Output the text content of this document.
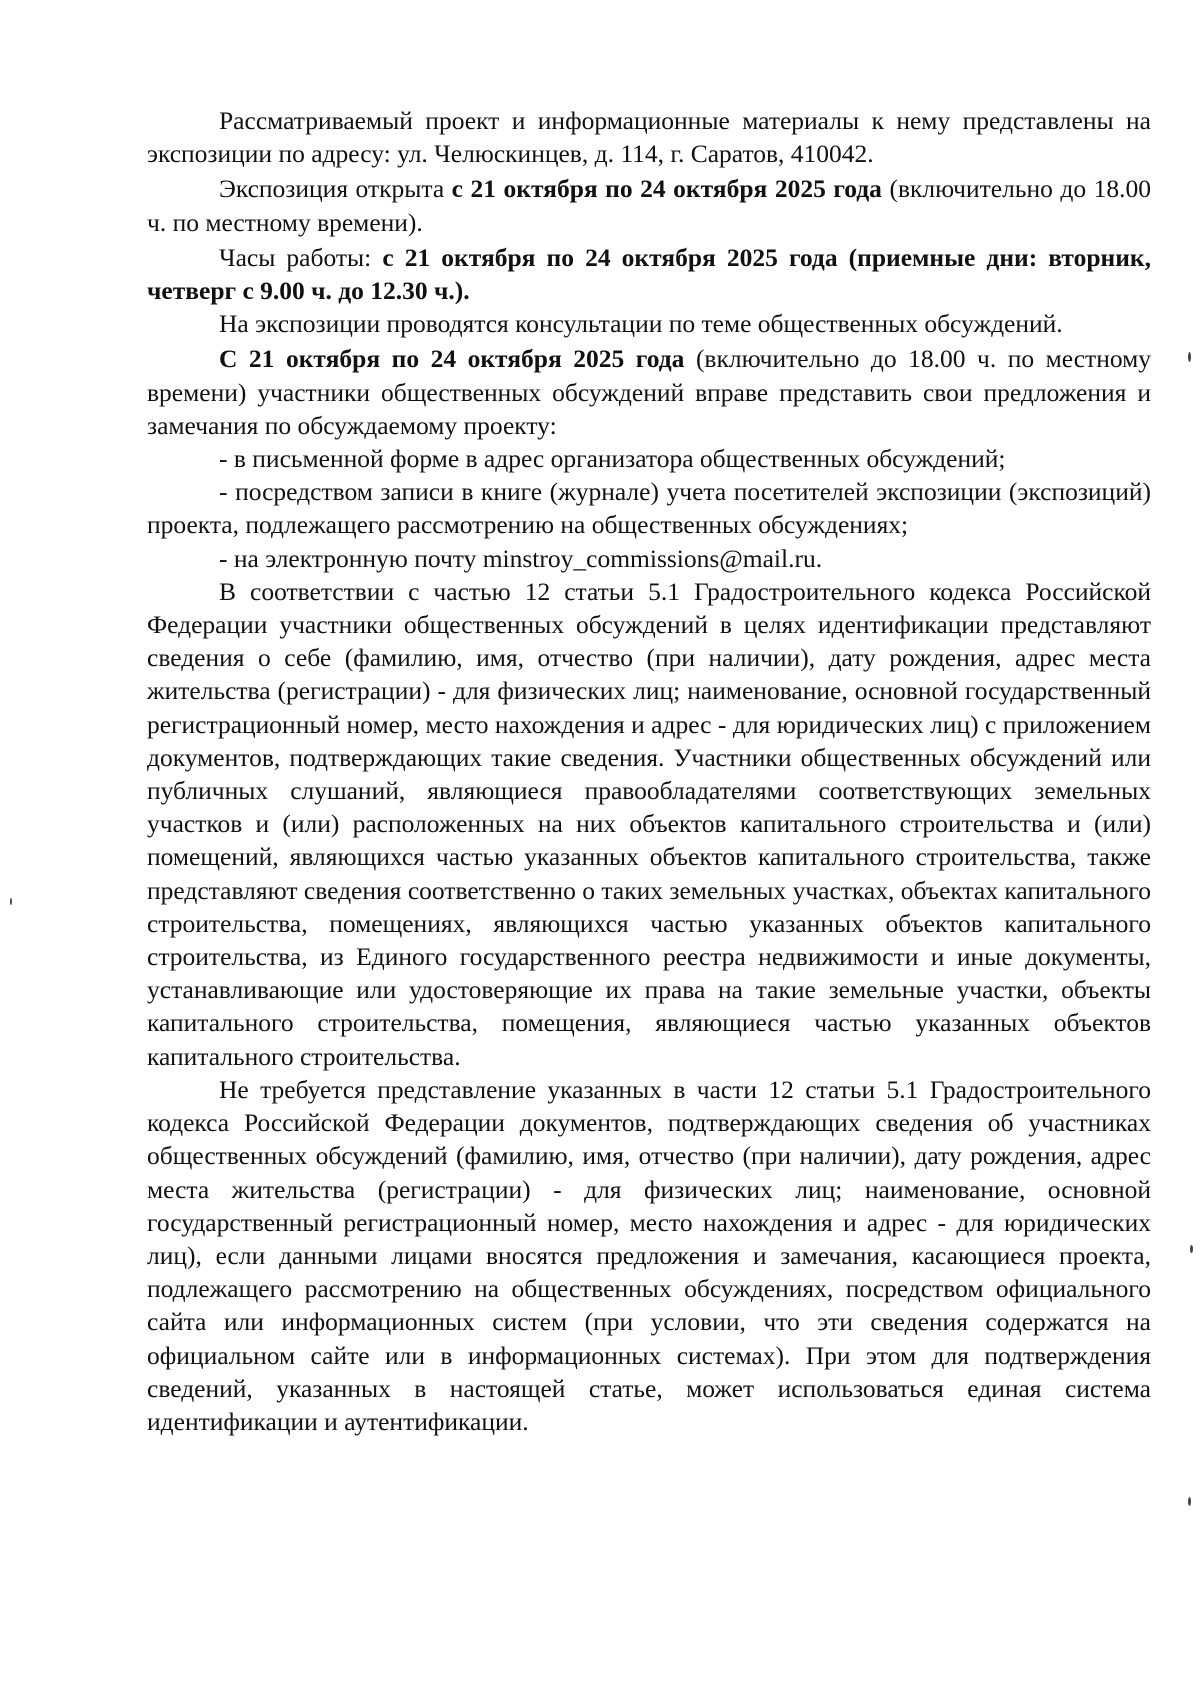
Рассматриваемый проект и информационные материалы к нему представлены на экспозиции по адресу: ул. Челюскинцев, д. 114, г. Саратов, 410042.

Экспозиция открыта с 21 октября по 24 октября 2025 года (включительно до 18.00 ч. по местному времени).

Часы работы: с 21 октября по 24 октября 2025 года (приемные дни: вторник, четверг с 9.00 ч. до 12.30 ч.).

На экспозиции проводятся консультации по теме общественных обсуждений.

С 21 октября по 24 октября 2025 года (включительно до 18.00 ч. по местному времени) участники общественных обсуждений вправе представить свои предложения и замечания по обсуждаемому проекту:

- в письменной форме в адрес организатора общественных обсуждений;

- посредством записи в книге (журнале) учета посетителей экспозиции (экспозиций) проекта, подлежащего рассмотрению на общественных обсуждениях;

- на электронную почту minstroy_commissions@mail.ru.

В соответствии с частью 12 статьи 5.1 Градостроительного кодекса Российской Федерации участники общественных обсуждений в целях идентификации представляют сведения о себе (фамилию, имя, отчество (при наличии), дату рождения, адрес места жительства (регистрации) - для физических лиц; наименование, основной государственный регистрационный номер, место нахождения и адрес - для юридических лиц) с приложением документов, подтверждающих такие сведения. Участники общественных обсуждений или публичных слушаний, являющиеся правообладателями соответствующих земельных участков и (или) расположенных на них объектов капитального строительства и (или) помещений, являющихся частью указанных объектов капитального строительства, также представляют сведения соответственно о таких земельных участках, объектах капитального строительства, помещениях, являющихся частью указанных объектов капитального строительства, из Единого государственного реестра недвижимости и иные документы, устанавливающие или удостоверяющие их права на такие земельные участки, объекты капитального строительства, помещения, являющиеся частью указанных объектов капитального строительства.

Не требуется представление указанных в части 12 статьи 5.1 Градостроительного кодекса Российской Федерации документов, подтверждающих сведения об участниках общественных обсуждений (фамилию, имя, отчество (при наличии), дату рождения, адрес места жительства (регистрации) - для физических лиц; наименование, основной государственный регистрационный номер, место нахождения и адрес - для юридических лиц), если данными лицами вносятся предложения и замечания, касающиеся проекта, подлежащего рассмотрению на общественных обсуждениях, посредством официального сайта или информационных систем (при условии, что эти сведения содержатся на официальном сайте или в информационных системах). При этом для подтверждения сведений, указанных в настоящей статье, может использоваться единая система идентификации и аутентификации.
